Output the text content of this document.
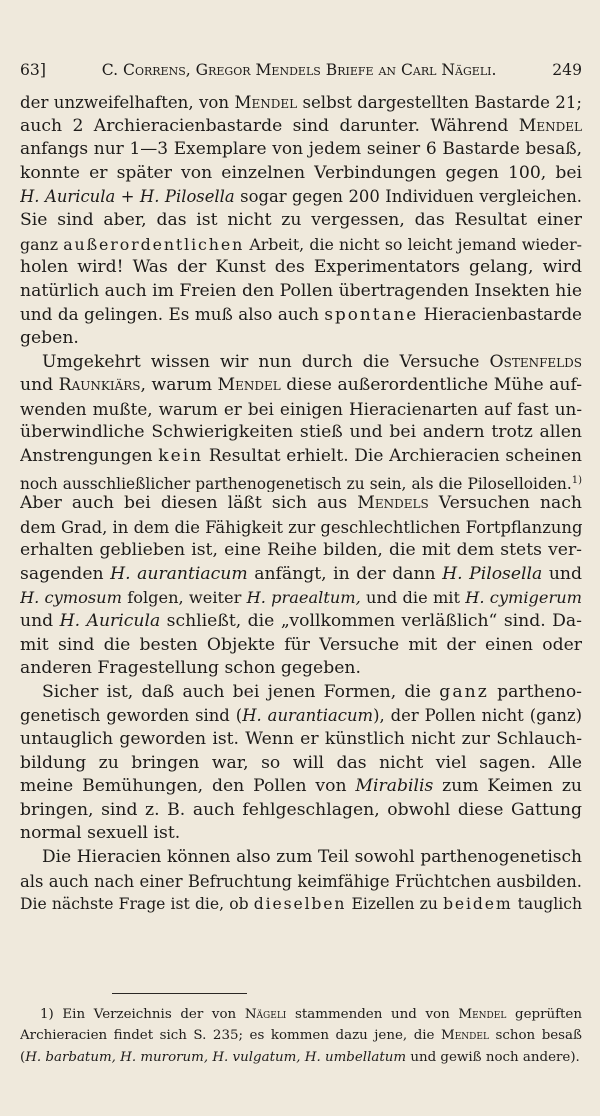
63]	C. Correns, Gregor Mendels Briefe an Carl Nägeli.	249
der unzweifelhaften, von Mendel selbst dargestellten Bastarde 21;
auch 2 Archieracienbastarde sind darunter. Während Mendel
anfangs nur 1—3 Exemplare von jedem seiner 6 Bastarde besaß,
konnte er später von einzelnen Verbindungen gegen 100, bei
H. Auricula + H. Pilosella sogar gegen 200 Individuen vergleichen.
Sie sind aber, das ist nicht zu vergessen, das Resultat einer
ganz außerordentlichen Arbeit, die nicht so leicht jemand wieder-
holen wird! Was der Kunst des Experimentators gelang, wird
natürlich auch im Freien den Pollen übertragenden Insekten hie
und da gelingen. Es muß also auch spontane Hieracienbastarde
geben.
Umgekehrt wissen wir nun durch die Versuche Ostenfelds
und Raunkiärs, warum Mendel diese außerordentliche Mühe auf-
wenden mußte, warum er bei einigen Hieracienarten auf fast un-
überwindliche Schwierigkeiten stieß und bei andern trotz allen
Anstrengungen kein Resultat erhielt. Die Archieracien scheinen
noch ausschließlicher parthenogenetisch zu sein, als die Piloselloiden.$^{1)}$
Aber auch bei diesen läßt sich aus Mendels Versuchen nach
dem Grad, in dem die Fähigkeit zur geschlechtlichen Fortpflanzung
erhalten geblieben ist, eine Reihe bilden, die mit dem stets ver-
sagenden H. aurantiacum anfängt, in der dann H. Pilosella und
H. cymosum folgen, weiter H. praealtum, und die mit H. cymigerum
und H. Auricula schließt, die „vollkommen verläßlich“ sind. Da-
mit sind die besten Objekte für Versuche mit der einen oder
anderen Fragestellung schon gegeben.
Sicher ist, daß auch bei jenen Formen, die ganz partheno-
genetisch geworden sind (H. aurantiacum), der Pollen nicht (ganz)
untauglich geworden ist. Wenn er künstlich nicht zur Schlauch-
bildung zu bringen war, so will das nicht viel sagen. Alle
meine Bemühungen, den Pollen von Mirabilis zum Keimen zu
bringen, sind z. B. auch fehlgeschlagen, obwohl diese Gattung
normal sexuell ist.
Die Hieracien können also zum Teil sowohl parthenogenetisch
als auch nach einer Befruchtung keimfähige Früchtchen ausbilden.
Die nächste Frage ist die, ob dieselben Eizellen zu beidem tauglich
1) Ein Verzeichnis der von Nägeli stammenden und von Mendel geprüften
Archieracien findet sich S. 235; es kommen dazu jene, die Mendel schon besaß
(H. barbatum, H. murorum, H. vulgatum, H. umbellatum und gewiß noch andere).
